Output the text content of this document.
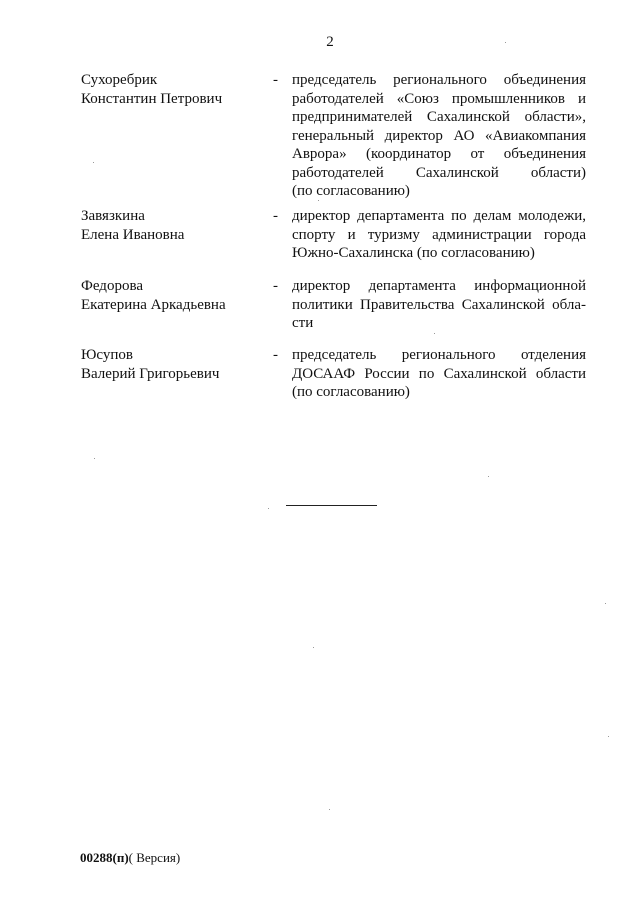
2
Сухоребрик
Константин Петрович
- председатель регионального объединения
работодателей «Союз промышленников и
предпринимателей Сахалинской области»,
генеральный директор АО «Авиакомпания
Аврора» (координатор от объединения
работодателей Сахалинской области)
(по согласованию)
Завязкина
Елена Ивановна
- директор департамента по делам молодежи,
спорту и туризму администрации города
Южно-Сахалинска (по согласованию)
Федорова
Екатерина Аркадьевна
- директор департамента информационной
политики Правительства Сахалинской обла-
сти
Юсупов
Валерий Григорьевич
- председатель регионального отделения
ДОСААФ России по Сахалинской области
(по согласованию)
00288(п)( Версия)
